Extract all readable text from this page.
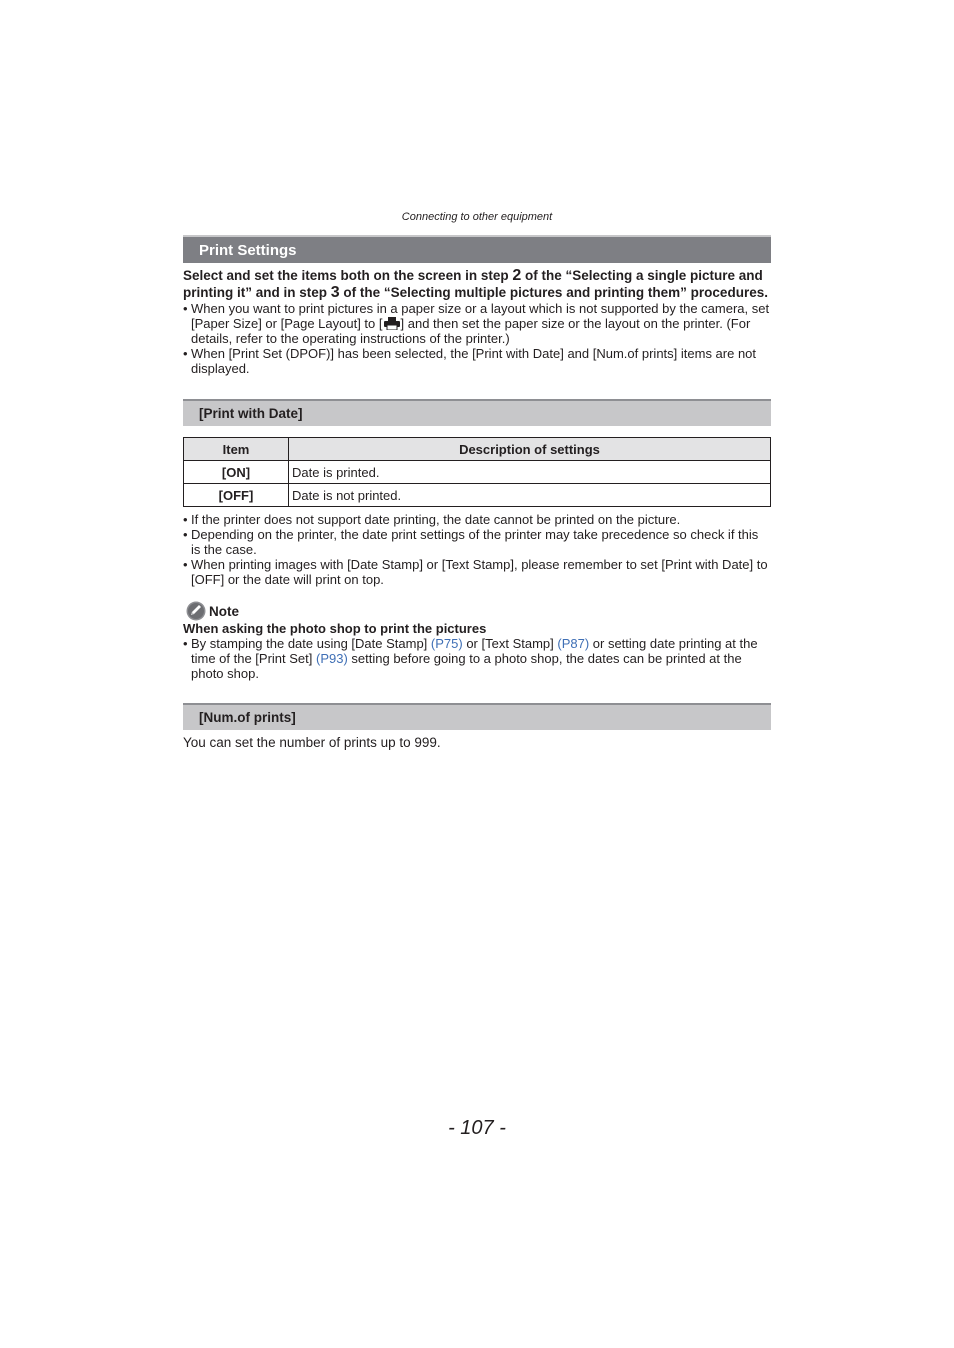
Connecting to other equipment
Print Settings
Select and set the items both on the screen in step 2 of the “Selecting a single picture and printing it” and in step 3 of the “Selecting multiple pictures and printing them” procedures.
• When you want to print pictures in a paper size or a layout which is not supported by the camera, set [Paper Size] or [Page Layout] to [ ] and then set the paper size or the layout on the printer. (For details, refer to the operating instructions of the printer.)
• When [Print Set (DPOF)] has been selected, the [Print with Date] and [Num.of prints] items are not displayed.
[Print with Date]
Item	Description of settings
[ON]	Date is printed.
[OFF]	Date is not printed.
• If the printer does not support date printing, the date cannot be printed on the picture.
• Depending on the printer, the date print settings of the printer may take precedence so check if this is the case.
• When printing images with [Date Stamp] or [Text Stamp], please remember to set [Print with Date] to [OFF] or the date will print on top.
Note
When asking the photo shop to print the pictures
• By stamping the date using [Date Stamp] (P75) or [Text Stamp] (P87) or setting date printing at the time of the [Print Set] (P93) setting before going to a photo shop, the dates can be printed at the photo shop.
[Num.of prints]
You can set the number of prints up to 999.
- 107 -
